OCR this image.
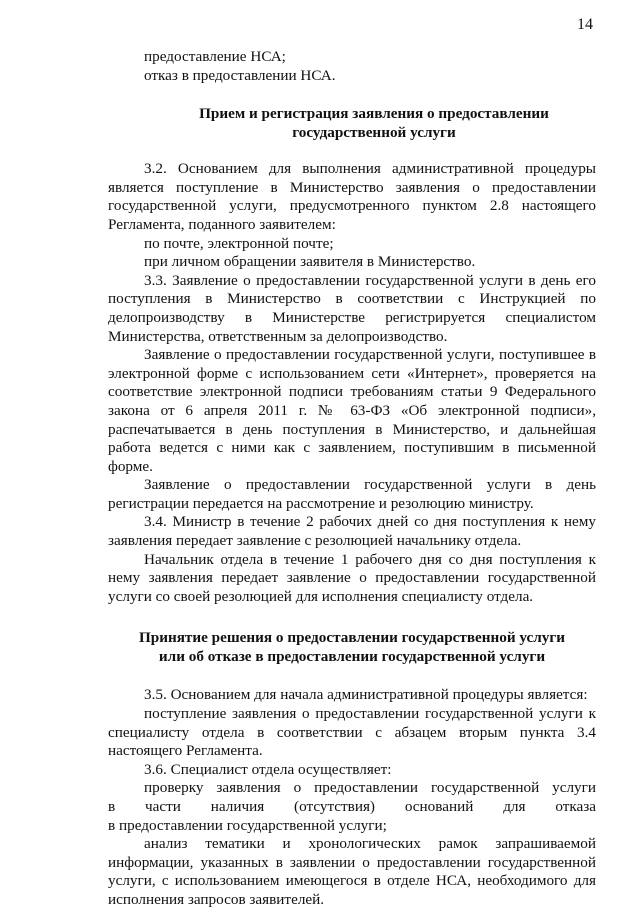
14

предоставление НСА;

отказ в предоставлении НСА.

Прием и регистрация заявления о предоставлении
государственной услуги

3.2. Основанием для выполнения административной процедуры является поступление в Министерство заявления о предоставлении государственной услуги, предусмотренного пунктом 2.8 настоящего Регламента, поданного заявителем:

по почте, электронной почте;

при личном обращении заявителя в Министерство.

3.3. Заявление о предоставлении государственной услуги в день его поступления в Министерство в соответствии с Инструкцией по делопроизводству в Министерстве регистрируется специалистом Министерства, ответственным за делопроизводство.

Заявление о предоставлении государственной услуги, поступившее в электронной форме с использованием сети «Интернет», проверяется на соответствие электронной подписи требованиям статьи 9 Федерального закона от 6 апреля 2011 г. № 63-ФЗ «Об электронной подписи», распечатывается в день поступления в Министерство, и дальнейшая работа ведется с ними как с заявлением, поступившим в письменной форме.

Заявление о предоставлении государственной услуги в день регистрации передается на рассмотрение и резолюцию министру.

3.4. Министр в течение 2 рабочих дней со дня поступления к нему заявления передает заявление с резолюцией начальнику отдела.

Начальник отдела в течение 1 рабочего дня со дня поступления к нему заявления передает заявление о предоставлении государственной услуги со своей резолюцией для исполнения специалисту отдела.

Принятие решения о предоставлении государственной услуги
или об отказе в предоставлении государственной услуги

3.5. Основанием для начала административной процедуры является:

поступление заявления о предоставлении государственной услуги к специалисту отдела в соответствии с абзацем вторым пункта 3.4 настоящего Регламента.

3.6. Специалист отдела осуществляет:

проверку заявления о предоставлении государственной услуги

в части наличия (отсутствия) оснований для отказа

в предоставлении государственной услуги;

анализ тематики и хронологических рамок запрашиваемой информации, указанных в заявлении о предоставлении государственной услуги, с использованием имеющегося в отделе НСА, необходимого для исполнения запросов заявителей.
